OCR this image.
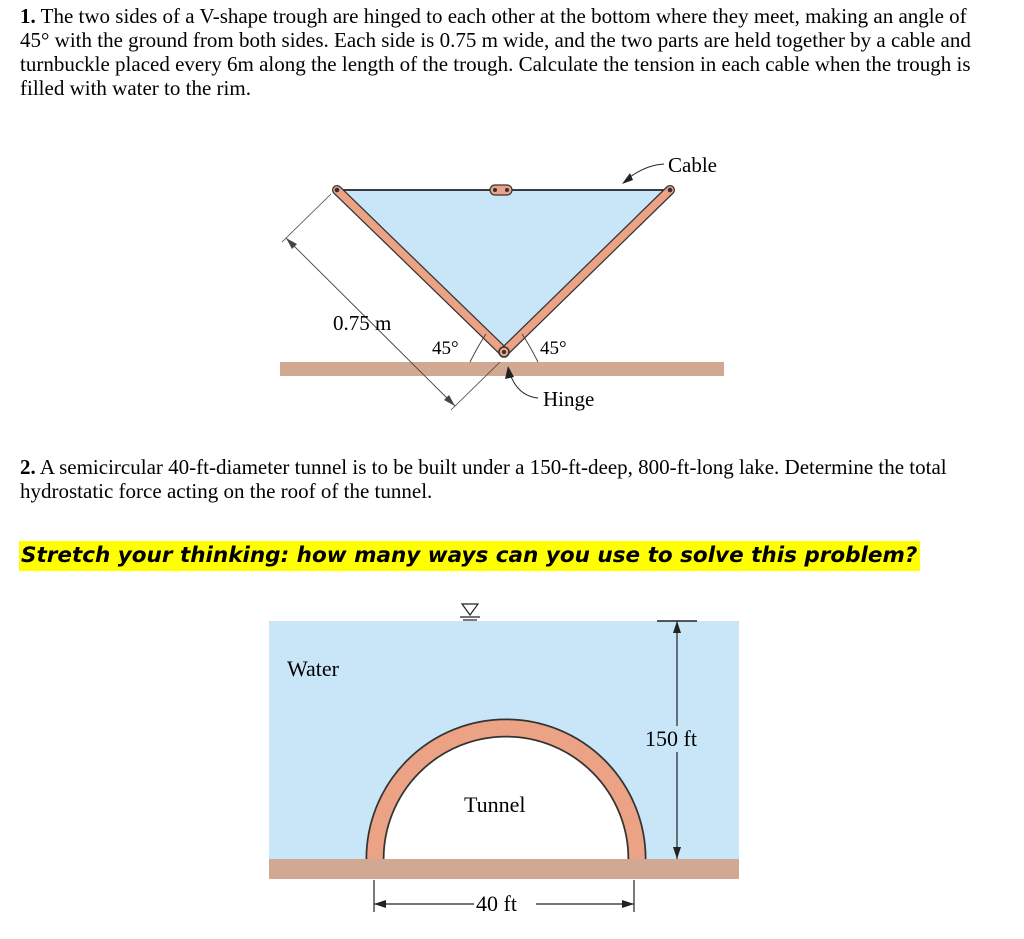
1. The two sides of a V-shape trough are hinged to each other at the bottom where they meet, making an angle of 45° with the ground from both sides. Each side is 0.75 m wide, and the two parts are held together by a cable and turnbuckle placed every 6m along the length of the trough. Calculate the tension in each cable when the trough is filled with water to the rim.
Cable
0.75 m
45°	45°
Hinge
2. A semicircular 40-ft-diameter tunnel is to be built under a 150-ft-deep, 800-ft-long lake. Determine the total hydrostatic force acting on the roof of the tunnel.
Stretch your thinking: how many ways can you use to solve this problem?
Water
150 ft
Tunnel
40 ft
